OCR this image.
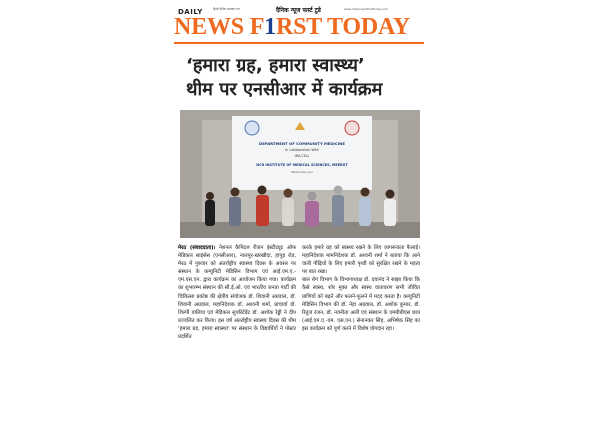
DAILY	हिन्दी दैनिक समाचार पत्र	दैनिक न्यूज फर्स्ट टुडे	www.dailynewsfirsttoday.com
NEWS F1RST TODAY
‘हमारा ग्रह, हमारा स्वास्थ्य’
थीम पर एनसीआर में कार्यक्रम
DEPARTMENT OF COMMUNITY MEDICINE
In Collaboration With
IMA CELL
NCR INSTITUTE OF MEDICAL SCIENCES, MEERUT
Welcomes you

मेरठ (संवाददाता)। नेशनल कैपिटल रीजन इंस्टीट्यूट ऑफ मेडिकल साइंसेस (एनसीआर), नालपुर-खरखौदा, हापुड़ रोड, मेरठ में गुरुवार को अंतर्राष्ट्रीय स्वास्थ्य दिवस के अवसर पर संस्थान के कम्युनिटी मेडिसिन विभाग एवं आई.एम.ए.-एम.एस.एन. द्वारा कार्यक्रम का आयोजन किया गया। कार्यक्रम का शुभारम्भ संस्थान की सी.ई.ओ. एवं भारतीय जनता पार्टी की चिकित्सा प्रकोष्ठ की क्षेत्रीय संयोजक डॉ. शिवानी अग्रवाल, डॉ. शिवानी अग्रवाल, महानिदेशक डॉ. अश्वनी शर्मा, प्राचार्या डॉ. शिल्पी वालिया एवं मेडिकल सुपरिटेंडेंट डॉ. अशोक रेड्डी ने दीप प्रज्वलित कर किया। इस वर्ष अंतर्राष्ट्रीय स्वास्थ्य दिवस की थीम ‘हमारा ग्रह, हमारा स्वास्थ्य’ पर संस्थान के विद्यार्थियों ने पोस्टर प्रदर्शित

करके हमारे ग्रह को स्वस्थ्य रखने के लिए जागरूकता फैलाई। महानिदेशक मामनिदेशक डॉ. अश्वनी शर्मा ने बताया कि आने वाली पीढ़ियों के लिए हमारी पृथ्वी को सुरक्षित रखने के महत्व पर बात रखा।

बाल रोग विभाग के विभागाध्यक्ष डॉ. दयानंद ने साझा किया कि कैसे स्वस्थ, शोर मुक्त और स्वस्थ वातावरण सभी जीवित प्राणियों को बढ़ने और फलने-फूलने में मदद करता है। कम्युनिटी मेडिसिन विभाग की डॉ. नेहा अग्रवाल, डॉ. अशोक कुमार, डॉ. रितुज रंजन, डॉ. नवनीता अली एवं संस्थान के एमबीबीएस छात्र (आई.एम.ए.-एम. एस.एन.) सेनानकर सिंह, अभिषेक सिंह का इस कार्यक्रम को पूर्ण करने में विशेष योगदान रहा।
